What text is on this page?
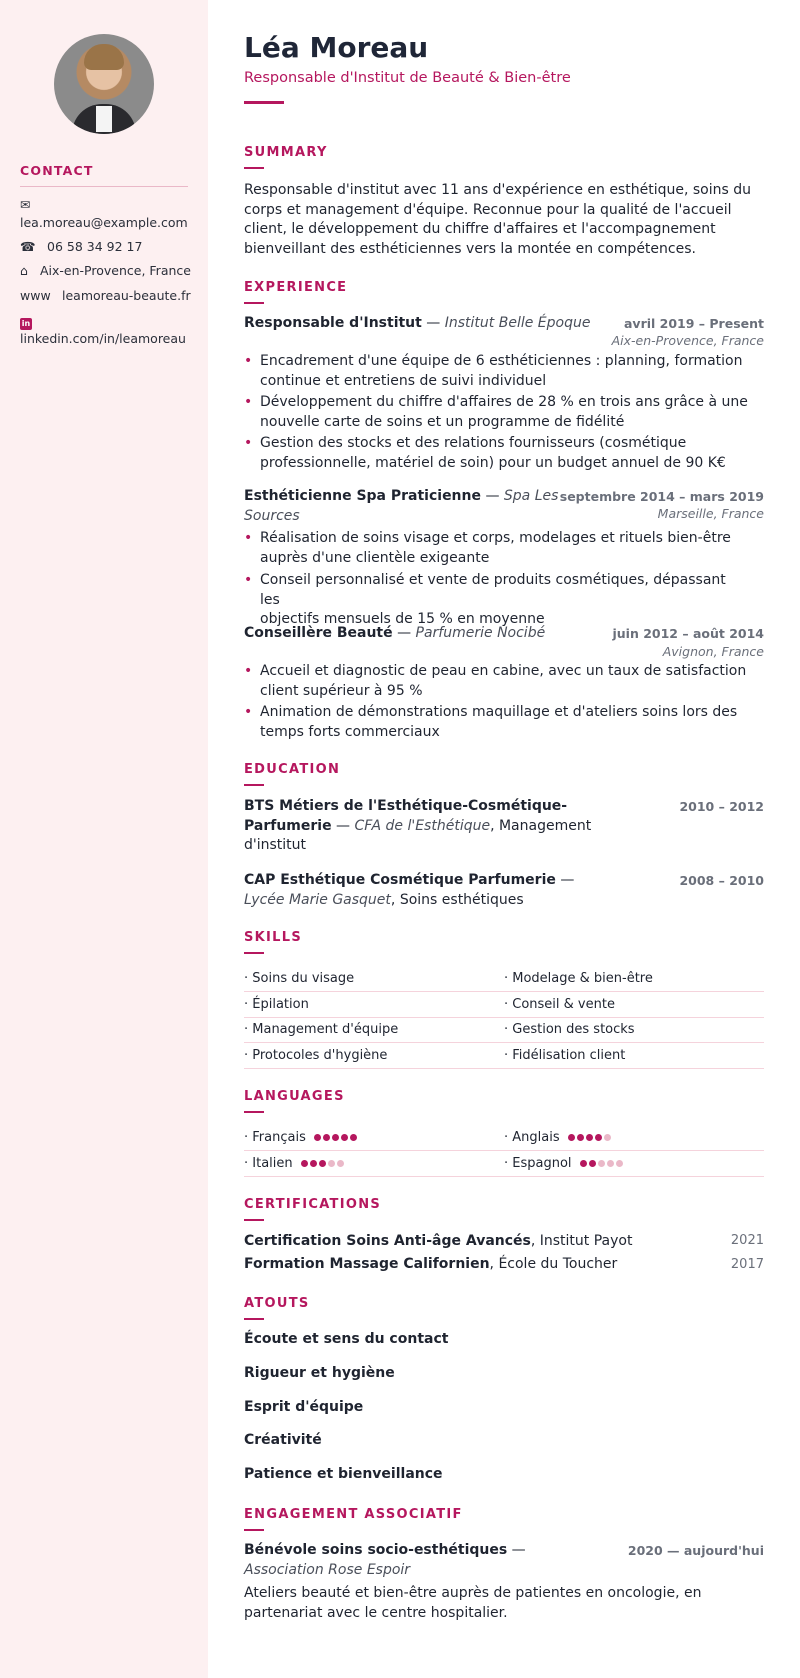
CONTACT
✉
lea.moreau@example.com
☎ 06 58 34 92 17
⌂ Aix-en-Provence, France
www leamoreau-beaute.fr
in
linkedin.com/in/leamoreau
Léa Moreau
Responsable d'Institut de Beauté & Bien-être
SUMMARY
Responsable d'institut avec 11 ans d'expérience en esthétique, soins du
corps et management d'équipe. Reconnue pour la qualité de l'accueil
client, le développement du chiffre d'affaires et l'accompagnement
bienveillant des esthéticiennes vers la montée en compétences.
EXPERIENCE
Responsable d'Institut — Institut Belle Époque	avril 2019 – Present
Aix-en-Provence, France
• Encadrement d'une équipe de 6 esthéticiennes : planning, formation
continue et entretiens de suivi individuel
• Développement du chiffre d'affaires de 28 % en trois ans grâce à une
nouvelle carte de soins et un programme de fidélité
• Gestion des stocks et des relations fournisseurs (cosmétique
professionnelle, matériel de soin) pour un budget annuel de 90 K€
Esthéticienne Spa Praticienne — Spa Les
Sources
septembre 2014 – mars 2019
Marseille, France
• Réalisation de soins visage et corps, modelages et rituels bien-être
auprès d'une clientèle exigeante
• Conseil personnalisé et vente de produits cosmétiques, dépassant les
objectifs mensuels de 15 % en moyenne
Conseillère Beauté — Parfumerie Nocibé	juin 2012 – août 2014
Avignon, France
• Accueil et diagnostic de peau en cabine, avec un taux de satisfaction
client supérieur à 95 %
• Animation de démonstrations maquillage et d'ateliers soins lors des
temps forts commerciaux
EDUCATION
BTS Métiers de l'Esthétique-Cosmétique-
Parfumerie — CFA de l'Esthétique, Management
d'institut
2010 – 2012
CAP Esthétique Cosmétique Parfumerie —
Lycée Marie Gasquet, Soins esthétiques
2008 – 2010
SKILLS
· Soins du visage	· Modelage & bien-être
· Épilation	· Conseil & vente
· Management d'équipe	· Gestion des stocks
· Protocoles d'hygiène	· Fidélisation client
LANGUAGES
· Français	· Anglais
· Italien	· Espagnol
CERTIFICATIONS
Certification Soins Anti-âge Avancés, Institut Payot	2021
Formation Massage Californien, École du Toucher	2017
ATOUTS
Écoute et sens du contact
Rigueur et hygiène
Esprit d'équipe
Créativité
Patience et bienveillance
ENGAGEMENT ASSOCIATIF
Bénévole soins socio-esthétiques —	2020 — aujourd'hui
Association Rose Espoir
Ateliers beauté et bien-être auprès de patientes en oncologie, en
partenariat avec le centre hospitalier.
